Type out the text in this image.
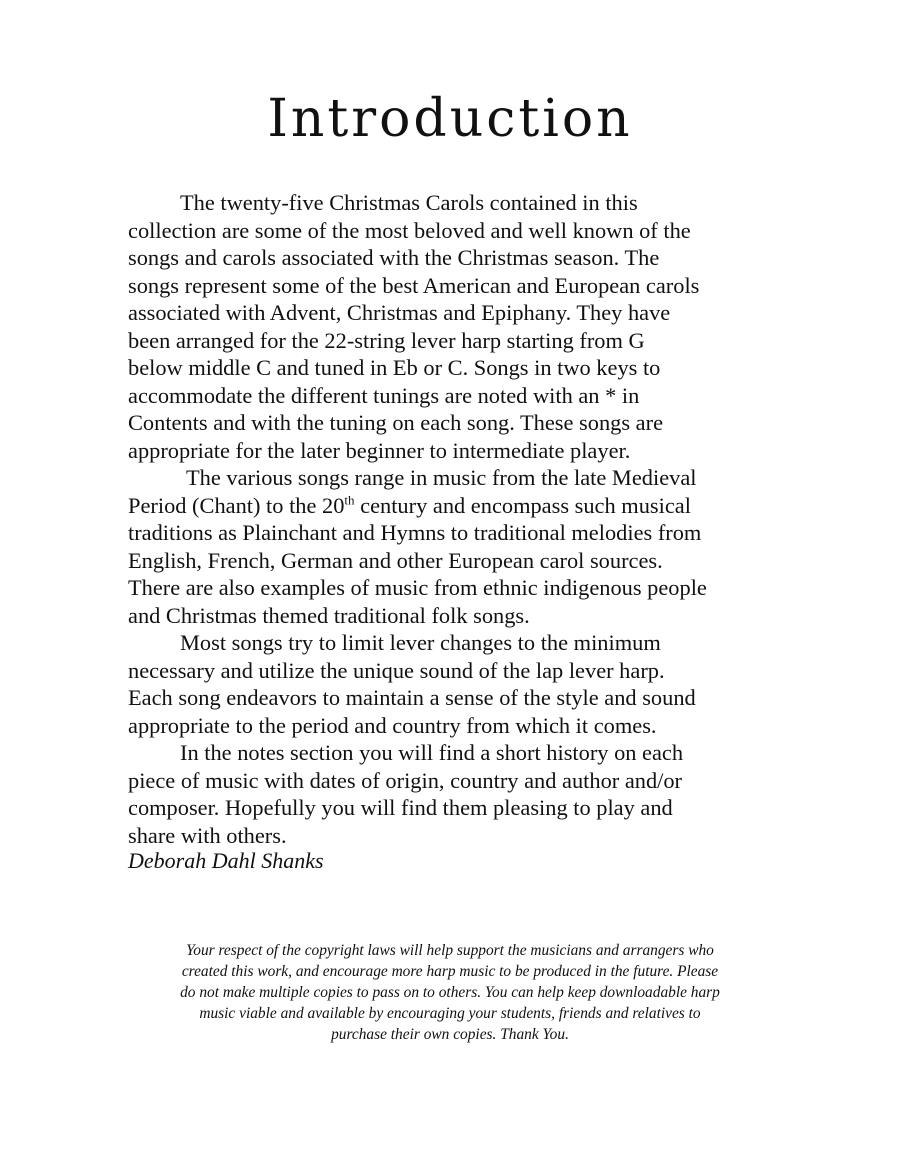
Introduction

The twenty-five Christmas Carols contained in this
collection are some of the most beloved and well known of the
songs and carols associated with the Christmas season. The
songs represent some of the best American and European carols
associated with Advent, Christmas and Epiphany. They have
been arranged for the 22-string lever harp starting from G
below middle C and tuned in Eb or C. Songs in two keys to
accommodate the different tunings are noted with an * in
Contents and with the tuning on each song. These songs are
appropriate for the later beginner to intermediate player.

The various songs range in music from the late Medieval
Period (Chant) to the 20th century and encompass such musical
traditions as Plainchant and Hymns to traditional melodies from
English, French, German and other European carol sources.
There are also examples of music from ethnic indigenous people
and Christmas themed traditional folk songs.

Most songs try to limit lever changes to the minimum
necessary and utilize the unique sound of the lap lever harp.
Each song endeavors to maintain a sense of the style and sound
appropriate to the period and country from which it comes.

In the notes section you will find a short history on each
piece of music with dates of origin, country and author and/or
composer. Hopefully you will find them pleasing to play and
share with others.

Deborah Dahl Shanks

Your respect of the copyright laws will help support the musicians and arrangers who
created this work, and encourage more harp music to be produced in the future. Please
do not make multiple copies to pass on to others. You can help keep downloadable harp
music viable and available by encouraging your students, friends and relatives to
purchase their own copies. Thank You.
